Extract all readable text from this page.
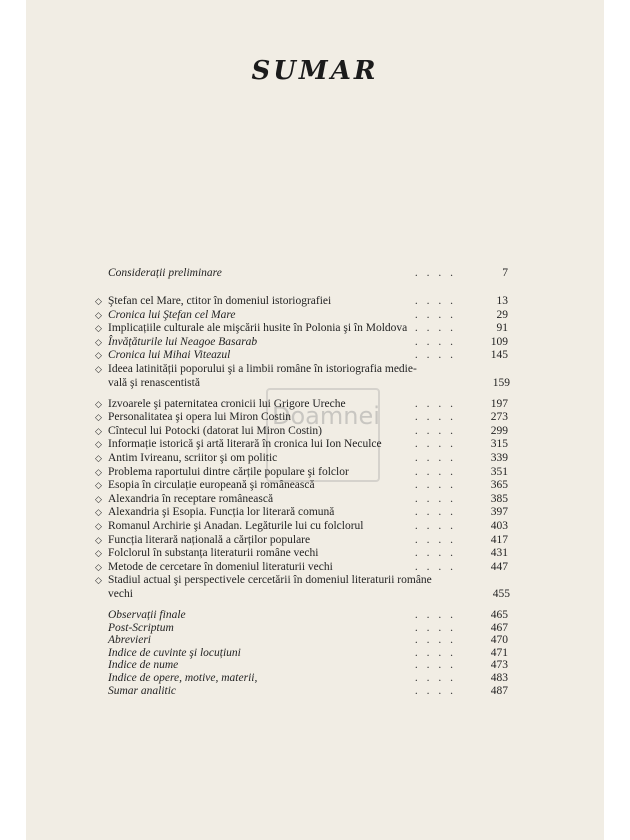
SUMAR
Doamnei
Considerații preliminare	. . . .	7
◇ Ştefan cel Mare, ctitor în domeniul istoriografiei	. . . .	13
◇ Cronica lui Ştefan cel Mare	. . . .	29
◇ Implicațiile culturale ale mişcării husite în Polonia şi în Moldova . . . .	91
◇ Învățăturile lui Neagoe Basarab	. . . .	109
◇ Cronica lui Mihai Viteazul	. . . .	145
◇ Ideea latinității poporului şi a limbii române în istoriografia medie-
vală şi renascentistă	159
◇ Izvoarele şi paternitatea cronicii lui Grigore Ureche	. . . .	197
◇ Personalitatea şi opera lui Miron Costin	. . . .	273
◇ Cîntecul lui Potocki (datorat lui Miron Costin)	. . . .	299
◇ Informație istorică şi artă literară în cronica lui Ion Neculce	. . . .	315
◇ Antim Ivireanu, scriitor şi om politic	. . . .	339
◇ Problema raportului dintre cărțile populare şi folclor	. . . .	351
◇ Esopia în circulație europeană şi românească	. . . .	365
◇ Alexandria în receptare românească	. . . .	385
◇ Alexandria şi Esopia. Funcția lor literară comună	. . . .	397
◇ Romanul Archirie şi Anadan. Legăturile lui cu folclorul	. . . .	403
◇ Funcția literară națională a cărților populare	. . . .	417
◇ Folclorul în substanța literaturii române vechi	. . . .	431
◇ Metode de cercetare în domeniul literaturii vechi	. . . .	447
◇ Stadiul actual şi perspectivele cercetării în domeniul literaturii române
vechi	455
Observații finale	. . . .	465
Post-Scriptum	. . . .	467
Abrevieri	. . . .	470
Indice de cuvinte şi locuțiuni	. . . .	471
Indice de nume	. . . .	473
Indice de opere, motive, materii,	. . . .	483
Sumar analitic	. . . .	487
